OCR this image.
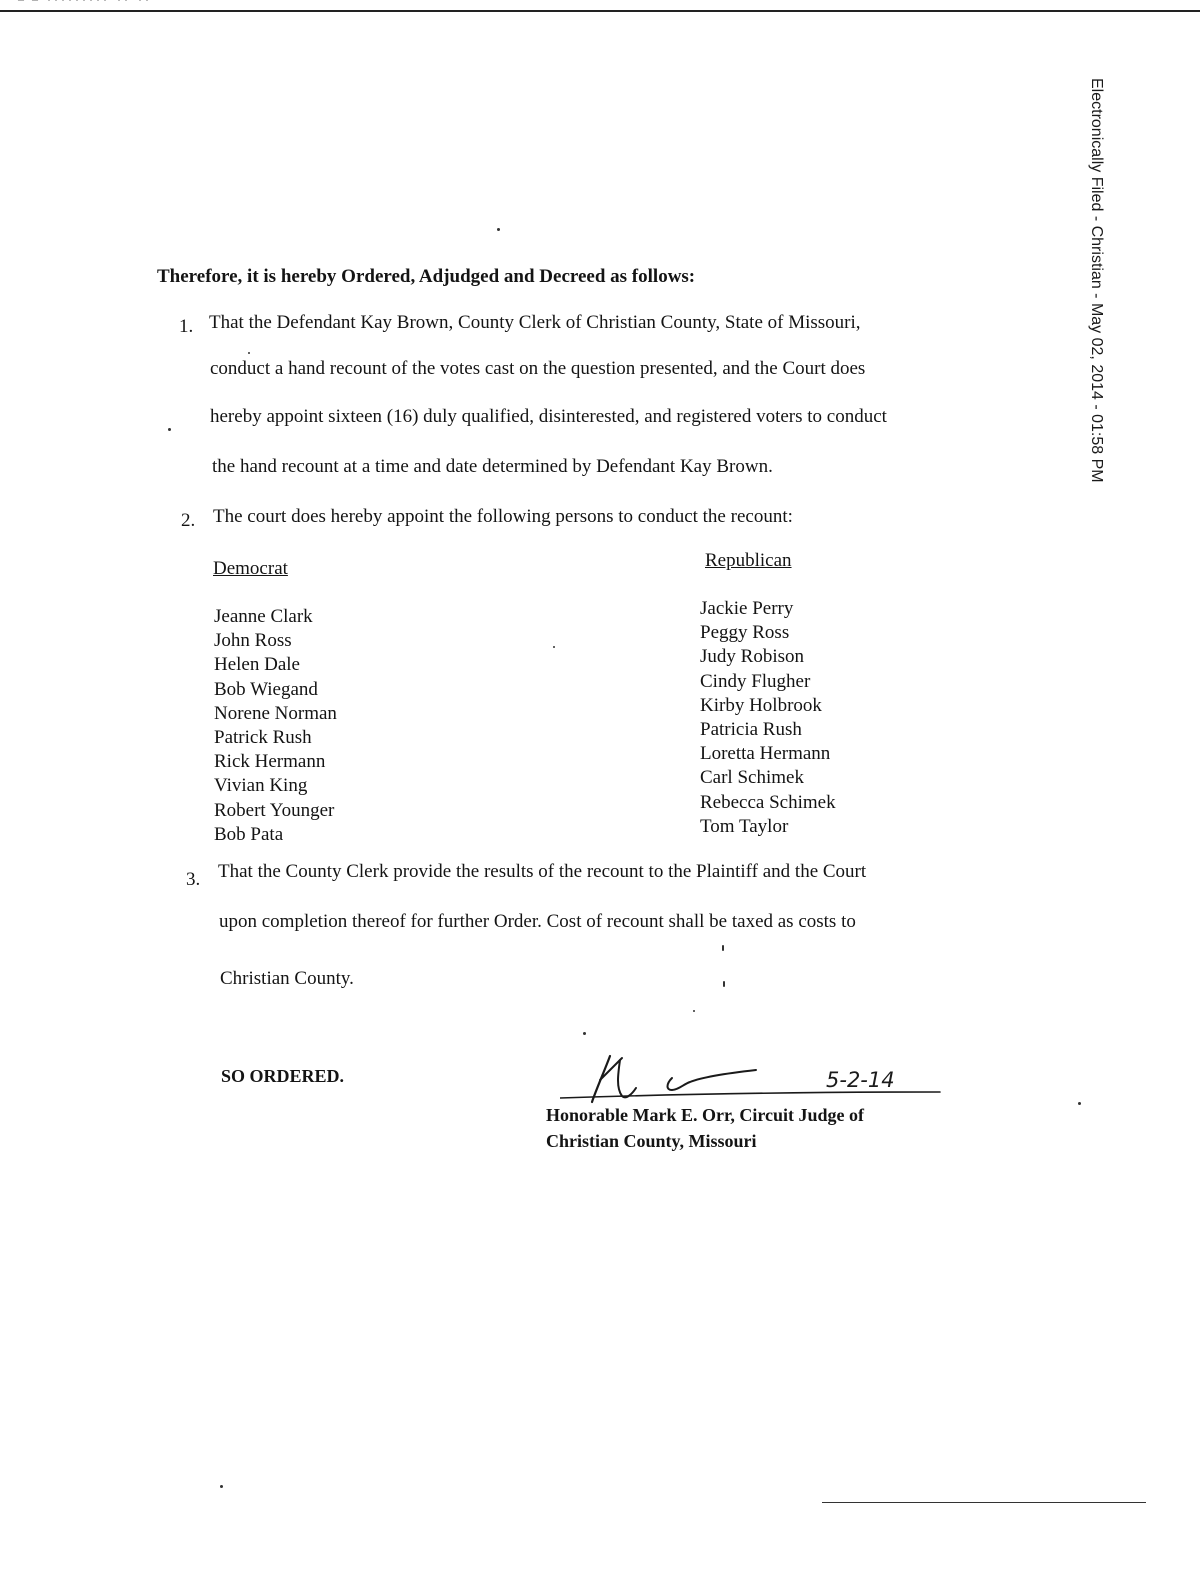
— — ········· ·· ··
Electronically Filed - Christian - May 02, 2014 - 01:58 PM
Therefore, it is hereby Ordered, Adjudged and Decreed as follows:
1. That the Defendant Kay Brown, County Clerk of Christian County, State of Missouri,
conduct a hand recount of the votes cast on the question presented, and the Court does
hereby appoint sixteen (16) duly qualified, disinterested, and registered voters to conduct
the hand recount at a time and date determined by Defendant Kay Brown.
2. The court does hereby appoint the following persons to conduct the recount:
Democrat
Jeanne Clark
John Ross
Helen Dale
Bob Wiegand
Norene Norman
Patrick Rush
Rick Hermann
Vivian King
Robert Younger
Bob Pata
Republican
Jackie Perry
Peggy Ross
Judy Robison
Cindy Flugher
Kirby Holbrook
Patricia Rush
Loretta Hermann
Carl Schimek
Rebecca Schimek
Tom Taylor
3. That the County Clerk provide the results of the recount to the Plaintiff and the Court
upon completion thereof for further Order. Cost of recount shall be taxed as costs to
Christian County.
SO ORDERED.	5-2-14
Honorable Mark E. Orr, Circuit Judge of
Christian County, Missouri
